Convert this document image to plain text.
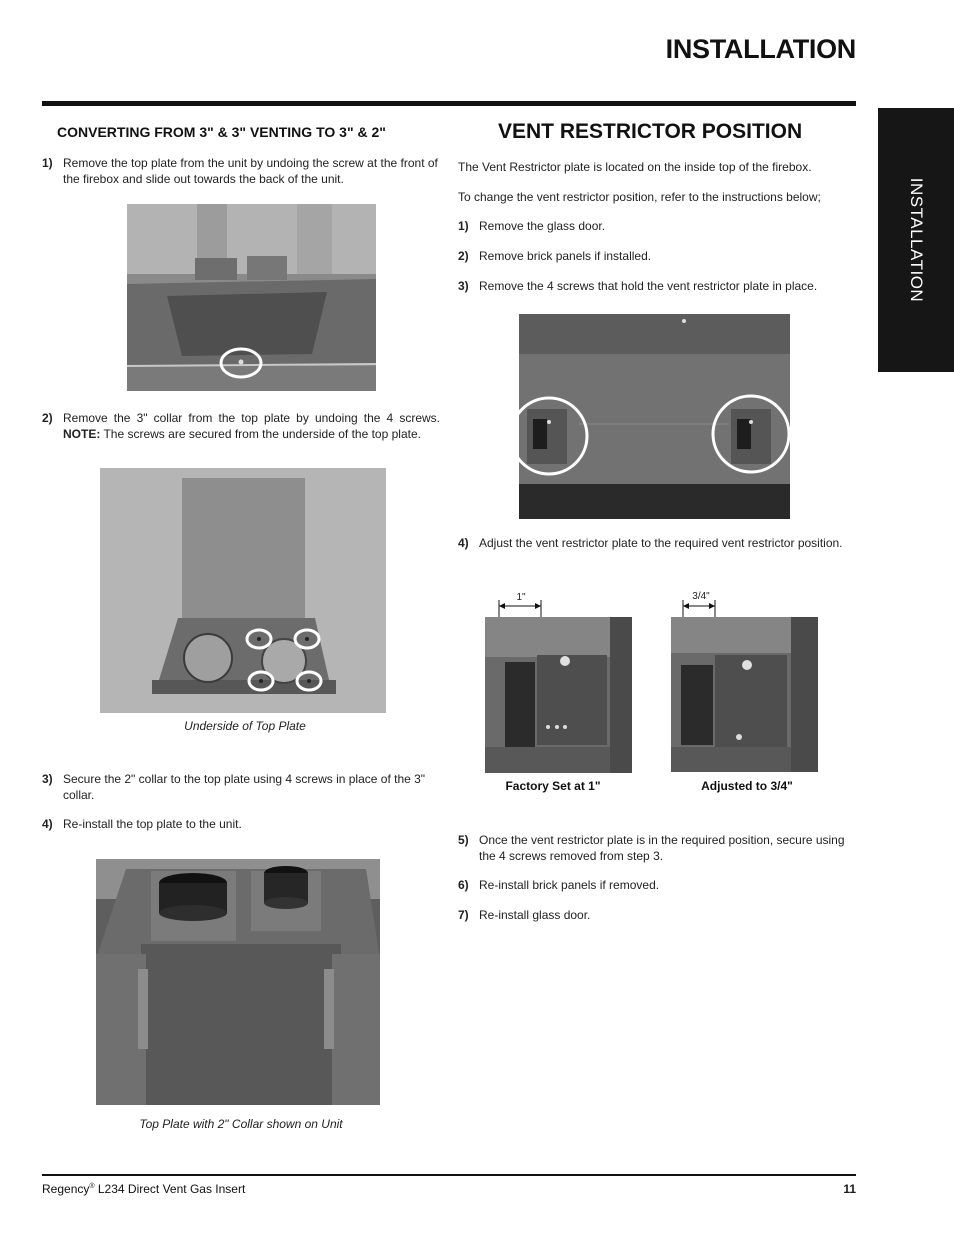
INSTALLATION
INSTALLATION
CONVERTING FROM 3" & 3" VENTING TO 3" & 2"
1) Remove the top plate from the unit by undoing the screw at the front of the firebox and slide out towards the back of the unit.
2) Remove the 3" collar from the top plate by undoing the 4 screws. NOTE: The screws are secured from the underside of the top plate.
Underside of Top Plate
3) Secure the 2" collar to the top plate using 4 screws in place of the 3" collar.
4) Re-install the top plate to the unit.
Top Plate with 2" Collar shown on Unit
VENT RESTRICTOR POSITION
The Vent Restrictor plate is located on the inside top of the firebox.
To change the vent restrictor position, refer to the instructions below;
1) Remove the glass door.
2) Remove brick panels if installed.
3) Remove the 4 screws that hold the vent restrictor plate in place.
4) Adjust the vent restrictor plate to the required vent restrictor position.
1"	3/4"
Factory Set at 1"	Adjusted to 3/4"
5) Once the vent restrictor plate is in the required position, secure using the 4 screws removed from step 3.
6) Re-install brick panels if removed.
7) Re-install glass door.
Regency® L234 Direct Vent Gas Insert	11
